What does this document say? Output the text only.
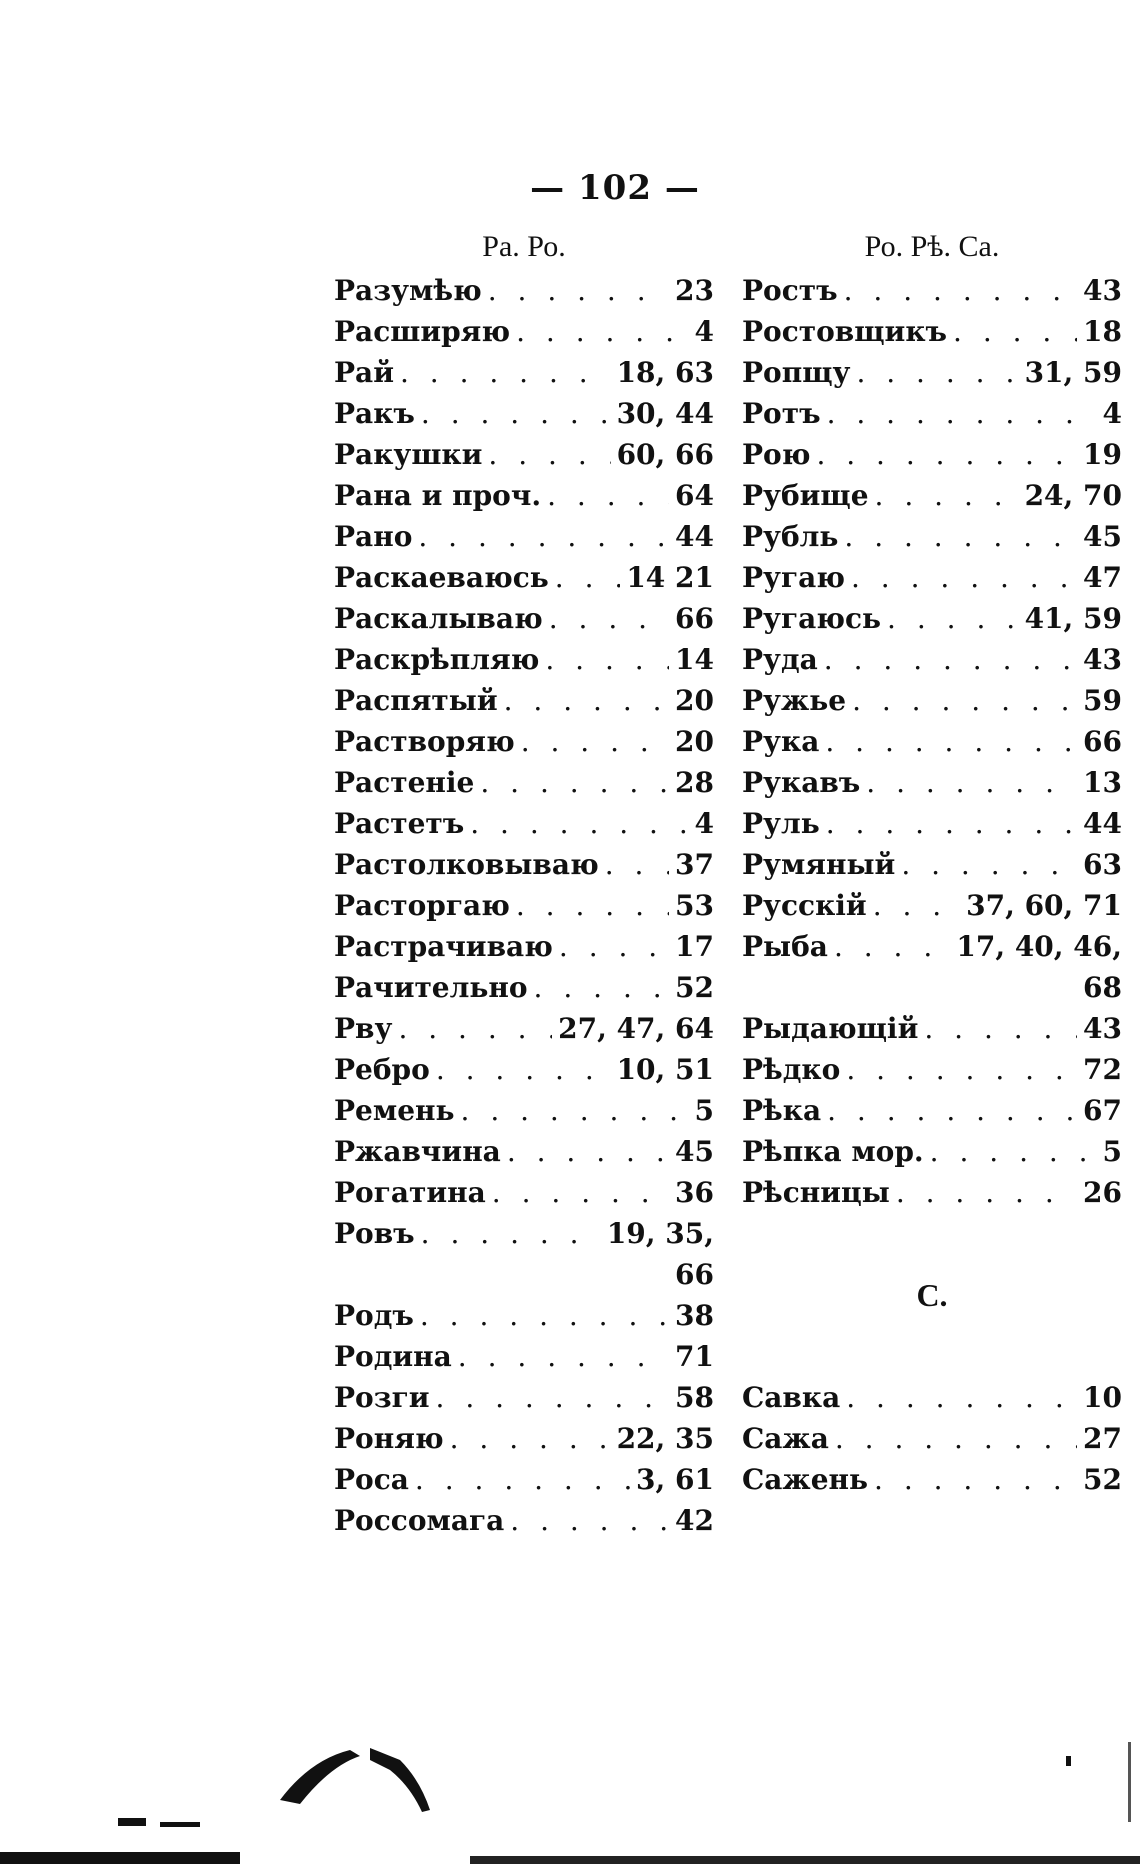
— 102 —
Ра. Ро.
Разумѣю . . .	23
Расширяю . . .	4
Рай . . .	18, 63
Ракъ . . .	30, 44
Ракушки . . .	60, 66
Рана и проч. . . .	64
Рано . . .	44
Раскаеваюсь . . .	14 21
Раскалываю . . .	66
Раскрѣпляю . . .	14
Распятый . . .	20
Растворяю . . .	20
Растеніе . . .	28
Растетъ . . .	4
Растолковываю . . .	37
Расторгаю . . .	53
Растрачиваю . . .	17
Рачительно . . .	52
Рву . . .	27, 47, 64
Ребро . . .	10, 51
Ремень . . .	5
Ржавчина . . .	45
Рогатина . . .	36
Ровъ . . .	19, 35,
66
Родъ . . .	38
Родина . . .	71
Розги . . .	58
Роняю . . .	22, 35
Роса . . .	3, 61
Россомага . . .	42
Ро. Рѣ. Са.
Ростъ . . .	43
Ростовщикъ . . .	18
Ропщу . . .	31, 59
Ротъ . . .	4
Рою . . .	19
Рубище . . .	24, 70
Рубль . . .	45
Ругаю . . .	47
Ругаюсь . . .	41, 59
Руда . . .	43
Ружье . . .	59
Рука . . .	66
Рукавъ . . .	13
Руль . . .	44
Румяный . . .	63
Русскій . . .	37, 60, 71
Рыба . . .	17, 40, 46,
68
Рыдающій . . .	43
Рѣдко . . .	72
Рѣка . . .	67
Рѣпка мор. . . .	5
Рѣсницы . . .	26
С.
Савка . . .	10
Сажа . . .	27
Сажень . . .	52
